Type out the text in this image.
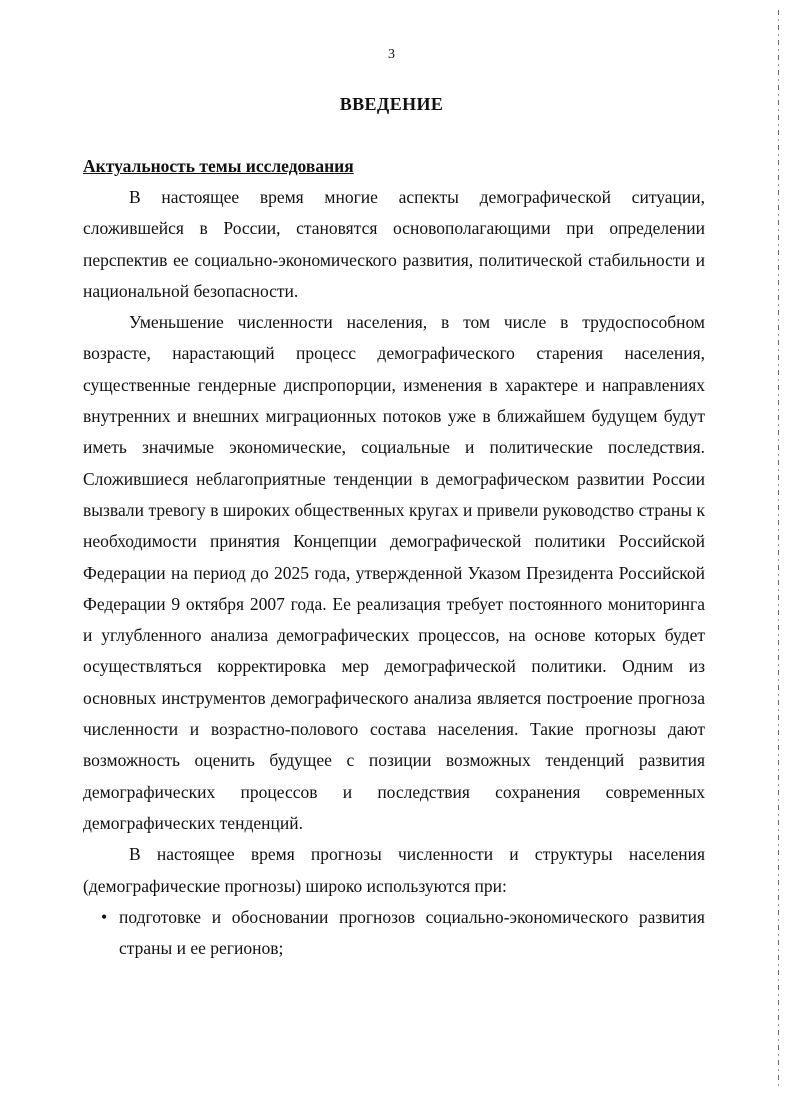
3
ВВЕДЕНИЕ
Актуальность темы исследования

В настоящее время многие аспекты демографической ситуации, сложившейся в России, становятся основополагающими при определении перспектив ее социально-экономического развития, политической стабильности и национальной безопасности.

Уменьшение численности населения, в том числе в трудоспособном возрасте, нарастающий процесс демографического старения населения, существенные гендерные диспропорции, изменения в характере и направлениях внутренних и внешних миграционных потоков уже в ближайшем будущем будут иметь значимые экономические, социальные и политические последствия. Сложившиеся неблагоприятные тенденции в демографическом развитии России вызвали тревогу в широких общественных кругах и привели руководство страны к необходимости принятия Концепции демографической политики Российской Федерации на период до 2025 года, утвержденной Указом Президента Российской Федерации 9 октября 2007 года. Ее реализация требует постоянного мониторинга и углубленного анализа демографических процессов, на основе которых будет осуществляться корректировка мер демографической политики. Одним из основных инструментов демографического анализа является построение прогноза численности и возрастно-полового состава населения. Такие прогнозы дают возможность оценить будущее с позиции возможных тенденций развития демографических процессов и последствия сохранения современных демографических тенденций.

В настоящее время прогнозы численности и структуры населения (демографические прогнозы) широко используются при:

• подготовке и обосновании прогнозов социально-экономического развития страны и ее регионов;
